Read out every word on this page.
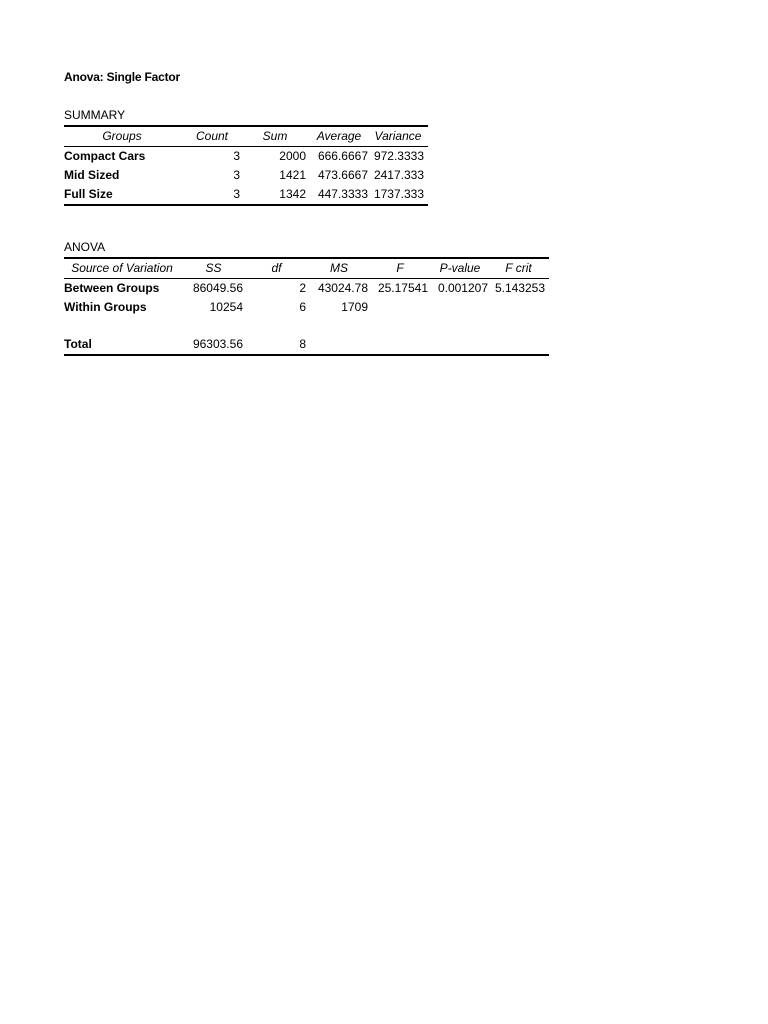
Anova: Single Factor
SUMMARY
Groups	Count	Sum	Average	Variance
Compact Cars	3	2000	666.6667	972.3333
Mid Sized	3	1421	473.6667	2417.333
Full Size	3	1342	447.3333	1737.333
ANOVA
Source of Variation	SS	df	MS	F	P-value	F crit
Between Groups	86049.56	2	43024.78	25.17541	0.001207	5.143253
Within Groups	10254	6	1709			

Total	96303.56	8				
